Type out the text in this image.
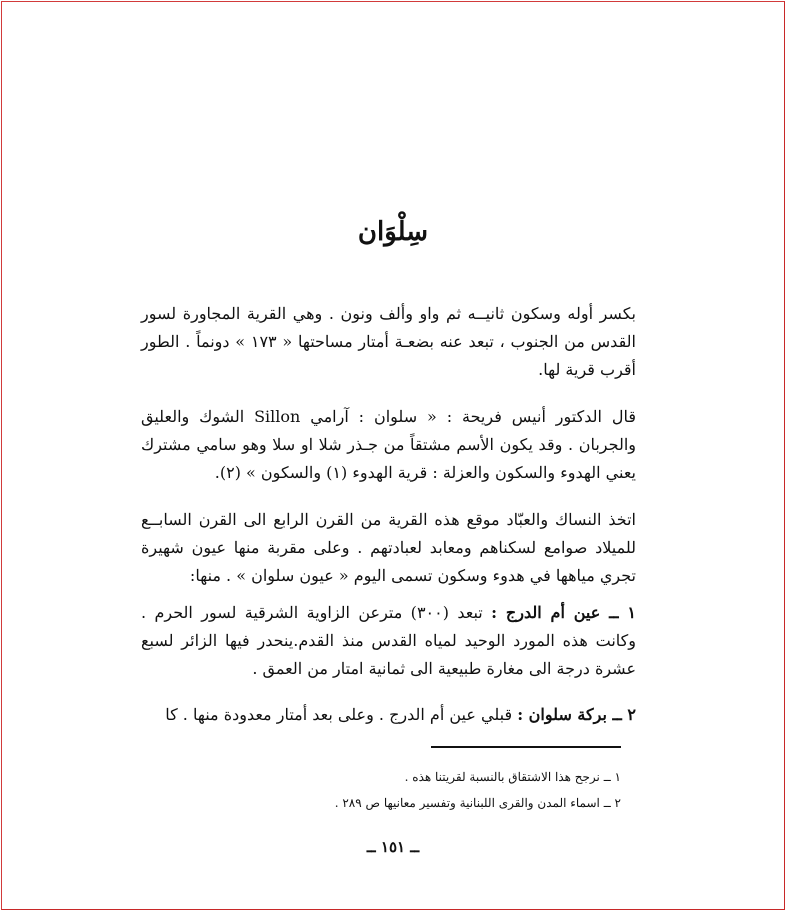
سِلْوَان

بكسر أوله وسكون ثانيــه ثم واو وألف ونون . وهي القرية المجاورة لسور القدس من الجنوب ، تبعد عنه بضعـة أمتار مساحتها « ١٧٣ » دونماً . الطور أقرب قرية لها.

قال الدكتور أنيس فريحة : « سلوان : آرامي Sillon الشوك والعليق والجربان . وقد يكون الأسم مشتقاً من جـذر شلا او سلا وهو سامي مشترك يعني الهدوء والسكون والعزلة : قرية الهدوء (١) والسكون » (٢).

اتخذ النساك والعبّاد موقع هذه القرية من القرن الرابع الى القرن السابــع للميلاد صوامع لسكناهم ومعابد لعبادتهم . وعلى مقربة منها عيون شهيرة تجري مياهها في هدوء وسكون تسمى اليوم « عيون سلوان » . منها:

١ ــ عين أم الدرج : تبعد (٣٠٠) مترعن الزاوية الشرقية لسور الحرم . وكانت هذه المورد الوحيد لمياه القدس منذ القدم.ينحدر فيها الزائر لسبع عشرة درجة الى مغارة طبيعية الى ثمانية امتار من العمق .

٢ ــ بركة سلوان : قبلي عين أم الدرج . وعلى بعد أمتار معدودة منها . كا

١ ــ نرجح هذا الاشتقاق بالنسبة لقريتنا هذه .
٢ ــ اسماء المدن والقرى اللبنانية وتفسير معانيها ص ٢٨٩ .

ــ ١٥١ ــ
